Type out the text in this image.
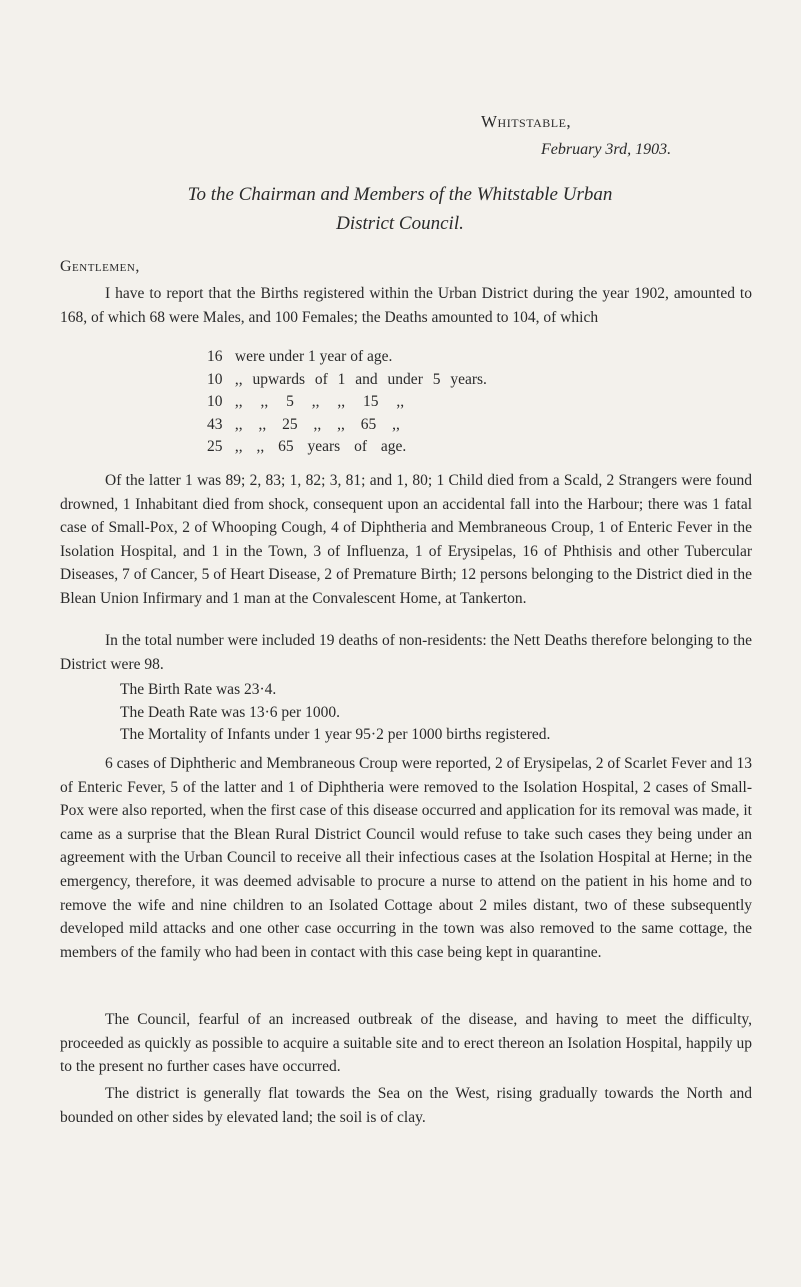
Whitstable,
February 3rd, 1903.
To the Chairman and Members of the Whitstable Urban
District Council.
Gentlemen,

I have to report that the Births registered within the Urban District during the year 1902, amounted to 168, of which 68 were Males, and 100 Females; the Deaths amounted to 104, of which

16 were under 1 year of age.
10 ,, upwards of 1 and under 5 years.
10 ,, ,, 5 ,, ,, 15 ,,
43 ,, ,, 25 ,, ,, 65 ,,
25 ,, ,, 65 years of age.

Of the latter 1 was 89; 2, 83; 1, 82; 3, 81; and 1, 80; 1 Child died from a Scald, 2 Strangers were found drowned, 1 Inhabitant died from shock, consequent upon an accidental fall into the Harbour; there was 1 fatal case of Small-Pox, 2 of Whooping Cough, 4 of Diphtheria and Membraneous Croup, 1 of Enteric Fever in the Isolation Hospital, and 1 in the Town, 3 of Influenza, 1 of Erysipelas, 16 of Phthisis and other Tubercular Diseases, 7 of Cancer, 5 of Heart Disease, 2 of Premature Birth; 12 persons belonging to the District died in the Blean Union Infirmary and 1 man at the Convalescent Home, at Tankerton.

In the total number were included 19 deaths of non-residents: the Nett Deaths therefore belonging to the District were 98.

The Birth Rate was 23·4.
The Death Rate was 13·6 per 1000.
The Mortality of Infants under 1 year 95·2 per 1000 births registered.

6 cases of Diphtheric and Membraneous Croup were reported, 2 of Erysipelas, 2 of Scarlet Fever and 13 of Enteric Fever, 5 of the latter and 1 of Diphtheria were removed to the Isolation Hospital, 2 cases of Small-Pox were also reported, when the first case of this disease occurred and application for its removal was made, it came as a surprise that the Blean Rural District Council would refuse to take such cases they being under an agreement with the Urban Council to receive all their infectious cases at the Isolation Hospital at Herne; in the emergency, therefore, it was deemed advisable to procure a nurse to attend on the patient in his home and to remove the wife and nine children to an Isolated Cottage about 2 miles distant, two of these subsequently developed mild attacks and one other case occurring in the town was also removed to the same cottage, the members of the family who had been in contact with this case being kept in quarantine.

The Council, fearful of an increased outbreak of the disease, and having to meet the difficulty, proceeded as quickly as possible to acquire a suitable site and to erect thereon an Isolation Hospital, happily up to the present no further cases have occurred.

The district is generally flat towards the Sea on the West, rising gradually towards the North and bounded on other sides by elevated land; the soil is of clay.
